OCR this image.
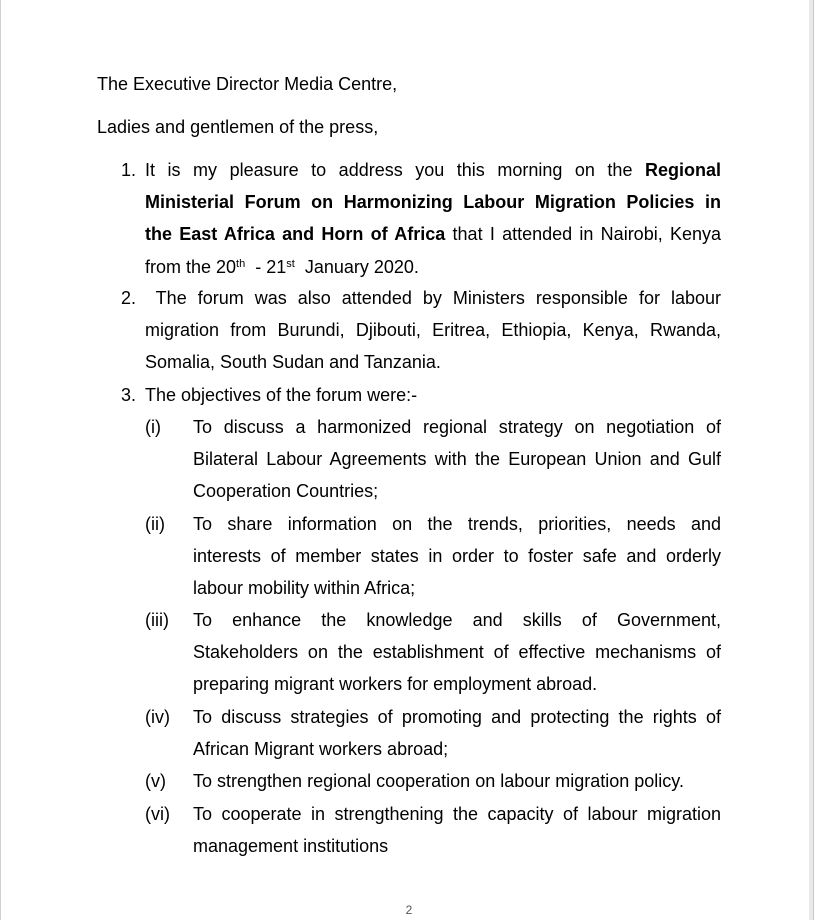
The Executive Director Media Centre,
Ladies and gentlemen of the press,
1. It is my pleasure to address you this morning on the Regional
Ministerial Forum on Harmonizing Labour Migration Policies in
the East Africa and Horn of Africa that I attended in Nairobi, Kenya
from the 20th  - 21st  January 2020.
2. The forum was also attended by Ministers responsible for labour
migration from Burundi, Djibouti, Eritrea, Ethiopia, Kenya, Rwanda,
Somalia, South Sudan and Tanzania.
3. The objectives of the forum were:-
(i) To discuss a harmonized regional strategy on negotiation of
Bilateral Labour Agreements with the European Union and Gulf
Cooperation Countries;
(ii) To share information on the trends, priorities, needs and
interests of member states in order to foster safe and orderly
labour mobility within Africa;
(iii) To enhance the knowledge and skills of Government,
Stakeholders on the establishment of effective mechanisms of
preparing migrant workers for employment abroad.
(iv) To discuss strategies of promoting and protecting the rights of
African Migrant workers abroad;
(v) To strengthen regional cooperation on labour migration policy.
(vi) To cooperate in strengthening the capacity of labour migration
management institutions
2
